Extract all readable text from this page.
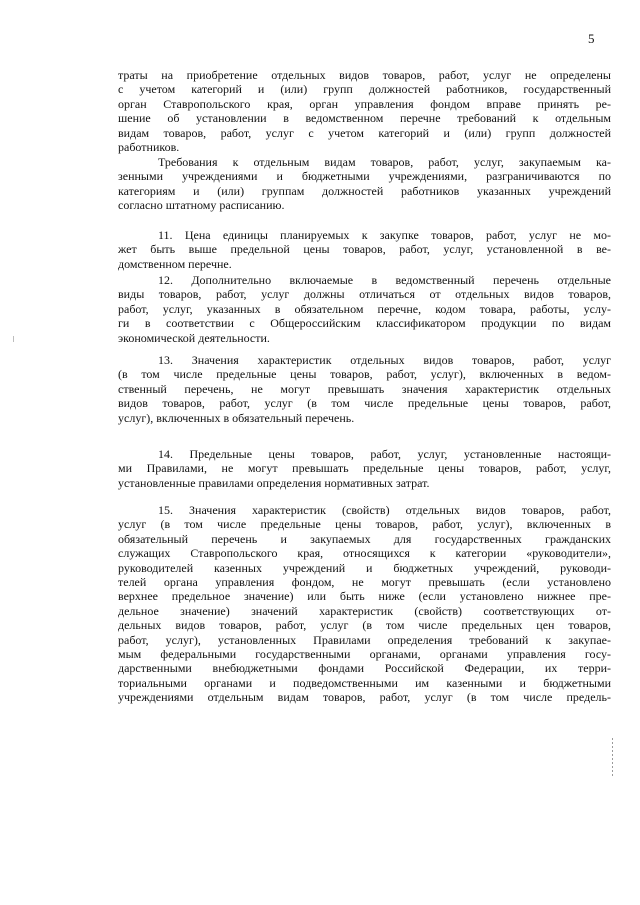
5
траты на приобретение отдельных видов товаров, работ, услуг не определены
с учетом категорий и (или) групп должностей работников, государственный
орган Ставропольского края, орган управления фондом вправе принять ре-
шение об установлении в ведомственном перечне требований к отдельным
видам товаров, работ, услуг с учетом категорий и (или) групп должностей
работников.
Требования к отдельным видам товаров, работ, услуг, закупаемым ка-
зенными учреждениями и бюджетными учреждениями, разграничиваются по
категориям и (или) группам должностей работников указанных учреждений
согласно штатному расписанию.
11. Цена единицы планируемых к закупке товаров, работ, услуг не мо-
жет быть выше предельной цены товаров, работ, услуг, установленной в ве-
домственном перечне.
12. Дополнительно включаемые в ведомственный перечень отдельные
виды товаров, работ, услуг должны отличаться от отдельных видов товаров,
работ, услуг, указанных в обязательном перечне, кодом товара, работы, услу-
ги в соответствии с Общероссийским классификатором продукции по видам
экономической деятельности.
13. Значения характеристик отдельных видов товаров, работ, услуг
(в том числе предельные цены товаров, работ, услуг), включенных в ведом-
ственный перечень, не могут превышать значения характеристик отдельных
видов товаров, работ, услуг (в том числе предельные цены товаров, работ,
услуг), включенных в обязательный перечень.
14. Предельные цены товаров, работ, услуг, установленные настоящи-
ми Правилами, не могут превышать предельные цены товаров, работ, услуг,
установленные правилами определения нормативных затрат.
15. Значения характеристик (свойств) отдельных видов товаров, работ,
услуг (в том числе предельные цены товаров, работ, услуг), включенных в
обязательный перечень и закупаемых для государственных гражданских
служащих Ставропольского края, относящихся к категории «руководители»,
руководителей казенных учреждений и бюджетных учреждений, руководи-
телей органа управления фондом, не могут превышать (если установлено
верхнее предельное значение) или быть ниже (если установлено нижнее пре-
дельное значение) значений характеристик (свойств) соответствующих от-
дельных видов товаров, работ, услуг (в том числе предельных цен товаров,
работ, услуг), установленных Правилами определения требований к закупае-
мым федеральными государственными органами, органами управления госу-
дарственными внебюджетными фондами Российской Федерации, их терри-
ториальными органами и подведомственными им казенными и бюджетными
учреждениями отдельным видам товаров, работ, услуг (в том числе предель-
